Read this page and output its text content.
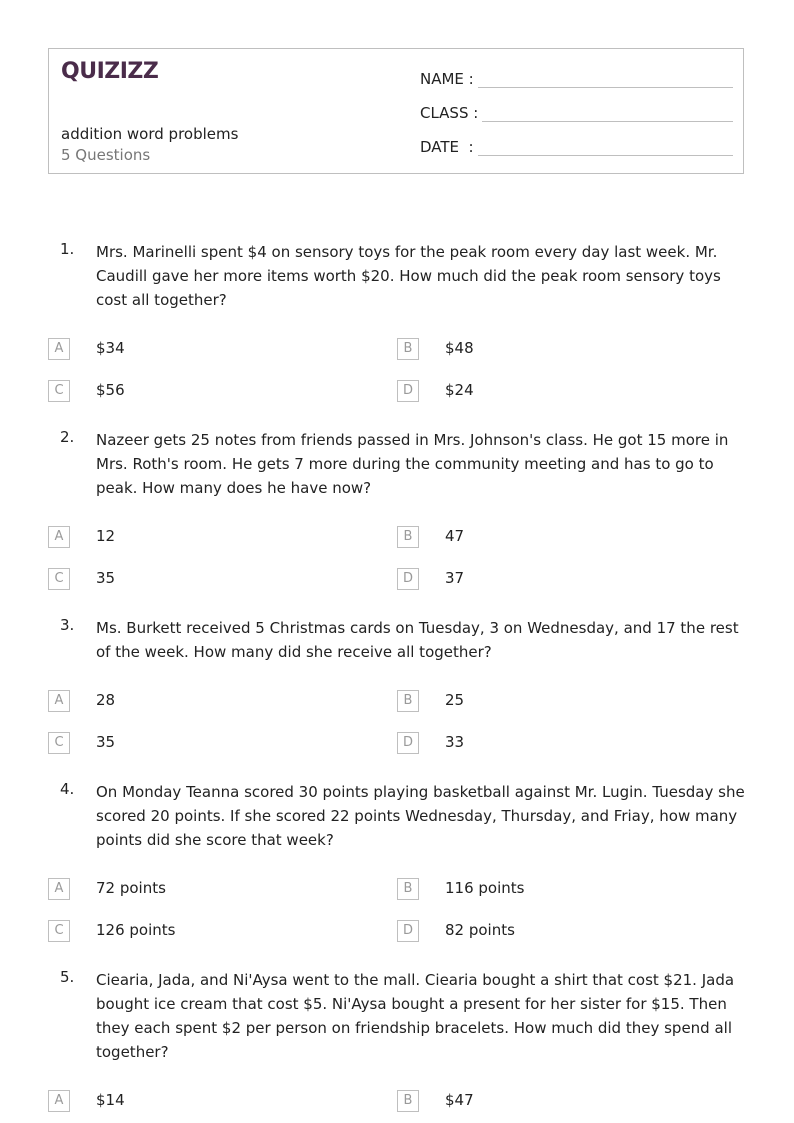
QUIZIZZ
addition word problems
5 Questions
NAME :
CLASS :
DATE  :
1. Mrs. Marinelli spent $4 on sensory toys for the peak room every day last week. Mr. Caudill gave her more items worth $20. How much did the peak room sensory toys cost all together?
A	$34	B	$48
C	$56	D	$24
2. Nazeer gets 25 notes from friends passed in Mrs. Johnson's class. He got 15 more in Mrs. Roth's room. He gets 7 more during the community meeting and has to go to peak. How many does he have now?
A	12	B	47
C	35	D	37
3. Ms. Burkett received 5 Christmas cards on Tuesday, 3 on Wednesday, and 17 the rest of the week. How many did she receive all together?
A	28	B	25
C	35	D	33
4. On Monday Teanna scored 30 points playing basketball against Mr. Lugin. Tuesday she scored 20 points. If she scored 22 points Wednesday, Thursday, and Friay, how many points did she score that week?
A	72 points	B	116 points
C	126 points	D	82 points
5. Ciearia, Jada, and Ni'Aysa went to the mall. Ciearia bought a shirt that cost $21. Jada bought ice cream that cost $5. Ni'Aysa bought a present for her sister for $15. Then they each spent $2 per person on friendship bracelets. How much did they spend all together?
A	$14	B	$47
